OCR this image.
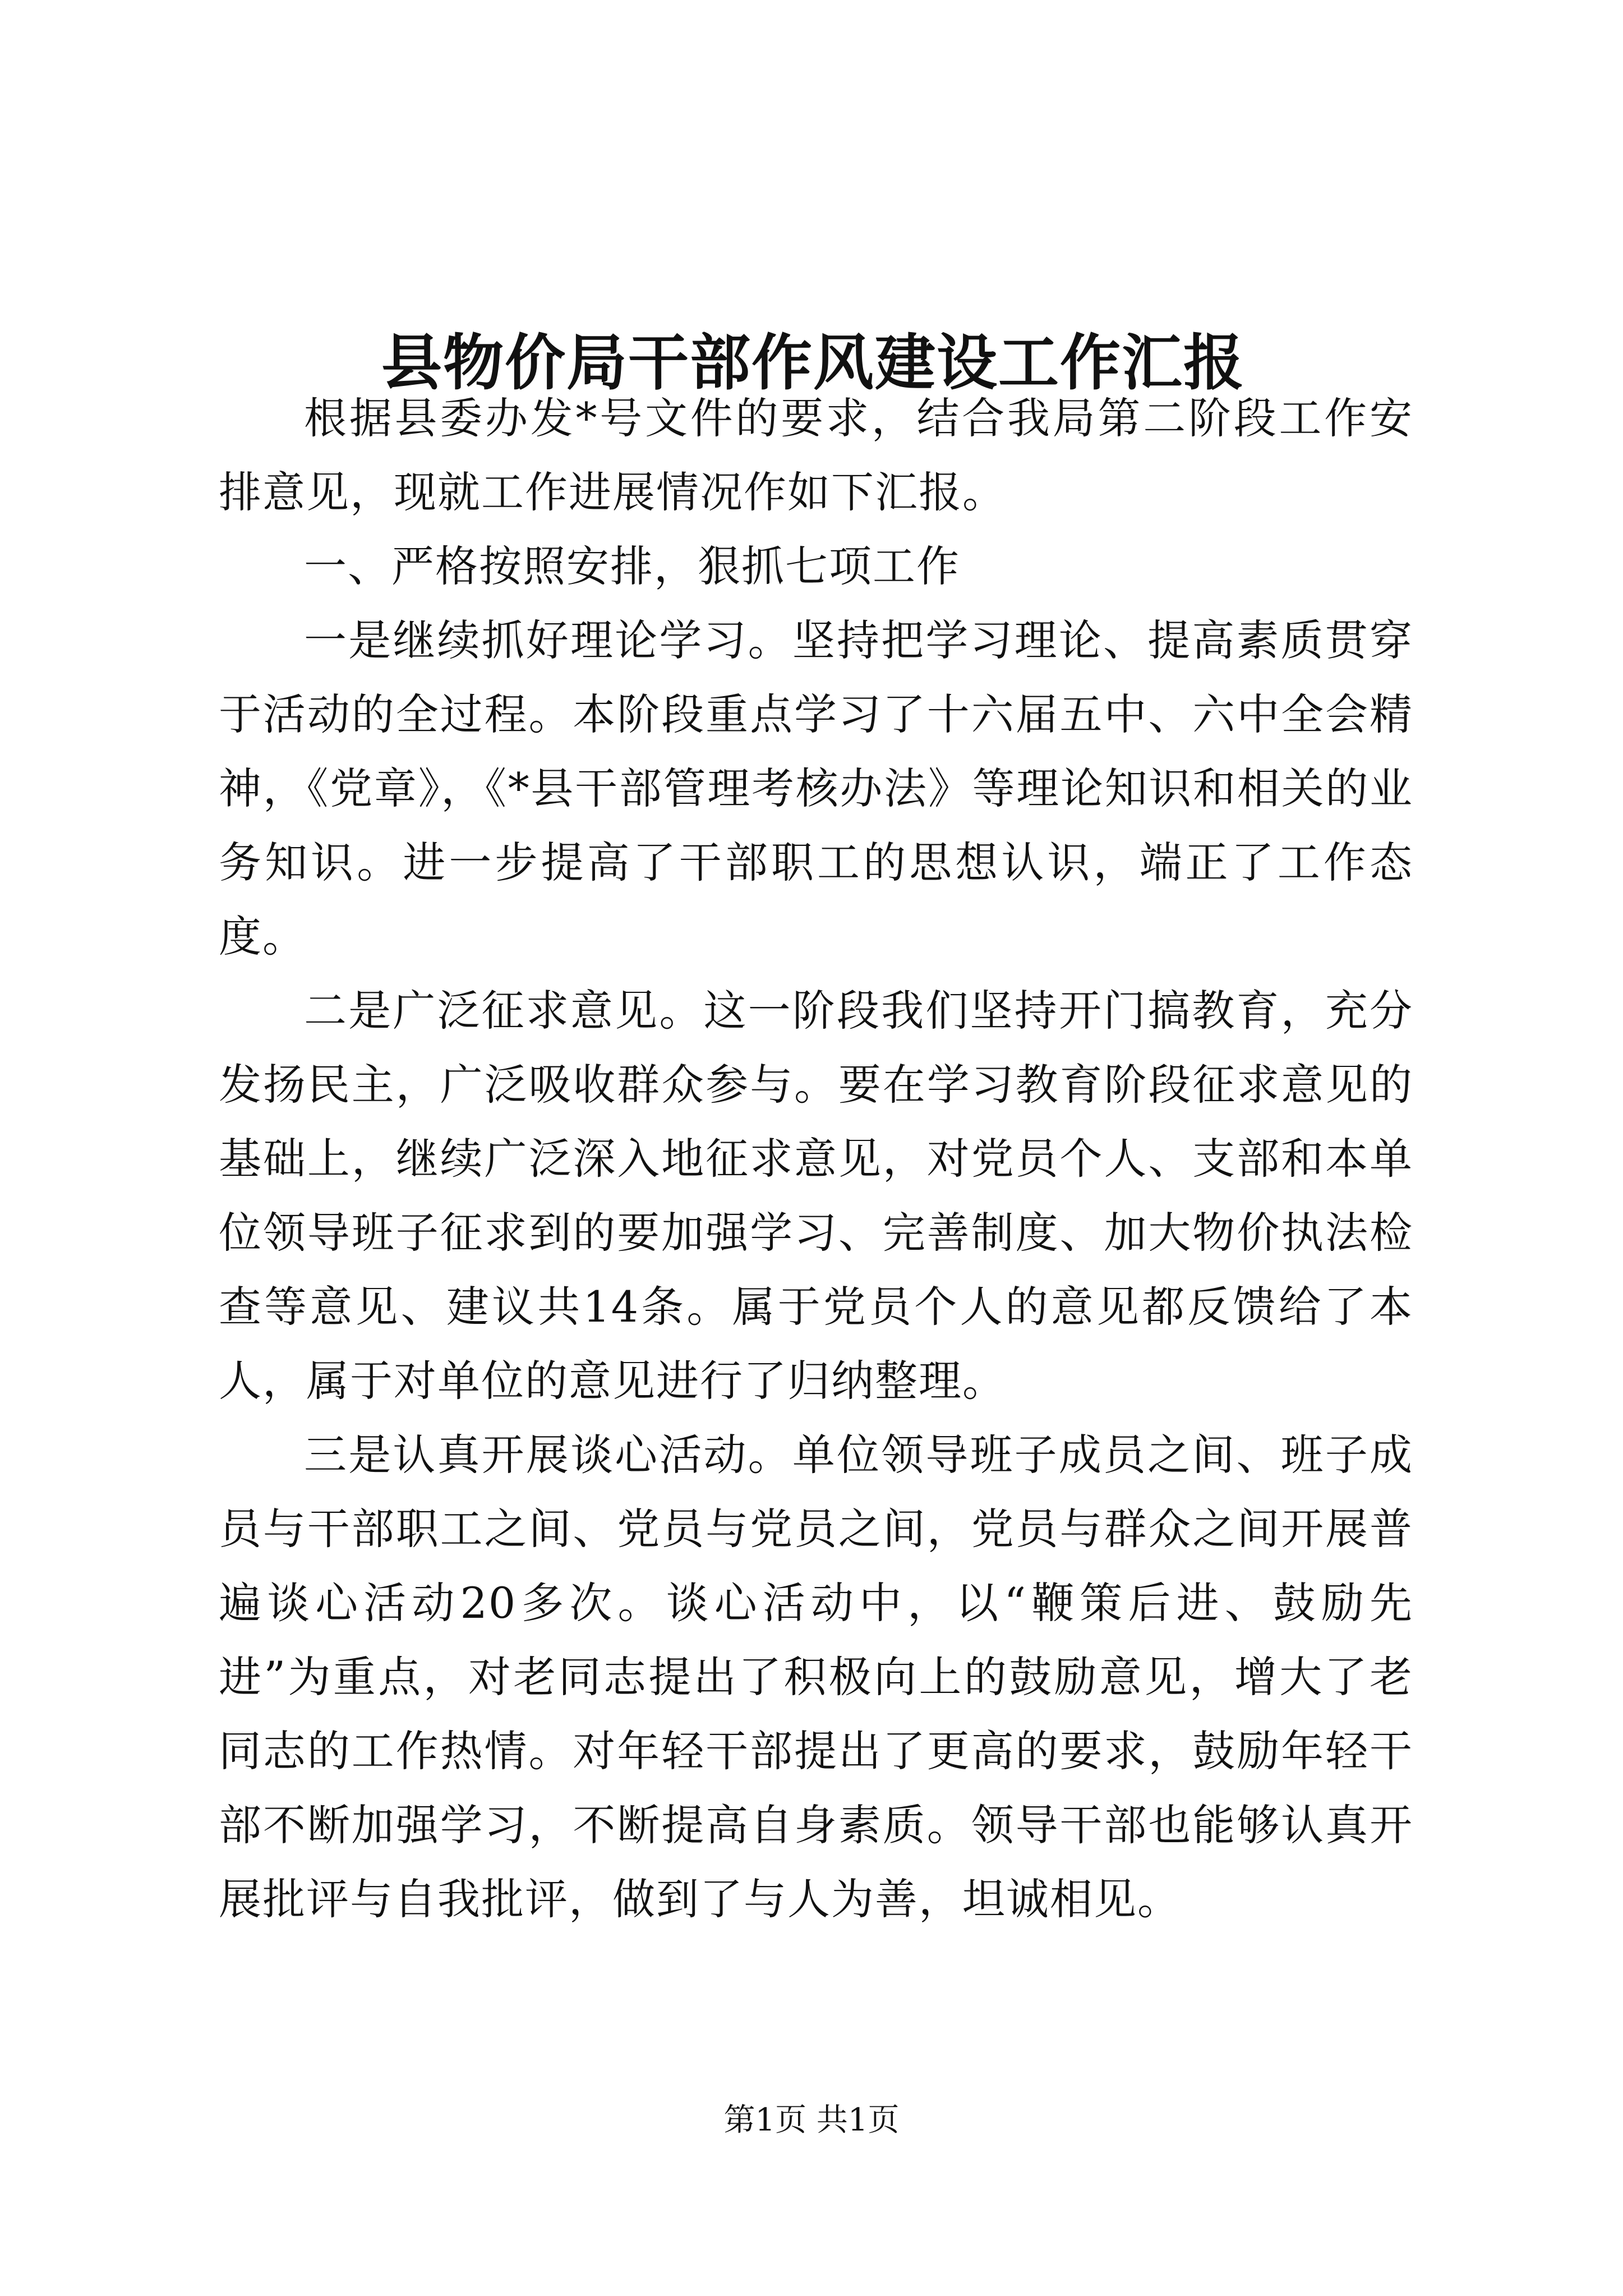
县物价局干部作风建设工作汇报

根据县委办发*号文件的要求，结合我局第二阶段工作安排意见，现就工作进展情况作如下汇报。

一、严格按照安排，狠抓七项工作

一是继续抓好理论学习。坚持把学习理论、提高素质贯穿于活动的全过程。本阶段重点学习了十六届五中、六中全会精神，《党章》，《*县干部管理考核办法》等理论知识和相关的业务知识。进一步提高了干部职工的思想认识，端正了工作态度。

二是广泛征求意见。这一阶段我们坚持开门搞教育，充分发扬民主，广泛吸收群众参与。要在学习教育阶段征求意见的基础上，继续广泛深入地征求意见，对党员个人、支部和本单位领导班子征求到的要加强学习、完善制度、加大物价执法检查等意见、建议共14条。属于党员个人的意见都反馈给了本人，属于对单位的意见进行了归纳整理。

三是认真开展谈心活动。单位领导班子成员之间、班子成员与干部职工之间、党员与党员之间，党员与群众之间开展普遍谈心活动20多次。谈心活动中，以“鞭策后进、鼓励先进”为重点，对老同志提出了积极向上的鼓励意见，增大了老同志的工作热情。对年轻干部提出了更高的要求，鼓励年轻干部不断加强学习，不断提高自身素质。领导干部也能够认真开展批评与自我批评，做到了与人为善，坦诚相见。

第1页 共1页
